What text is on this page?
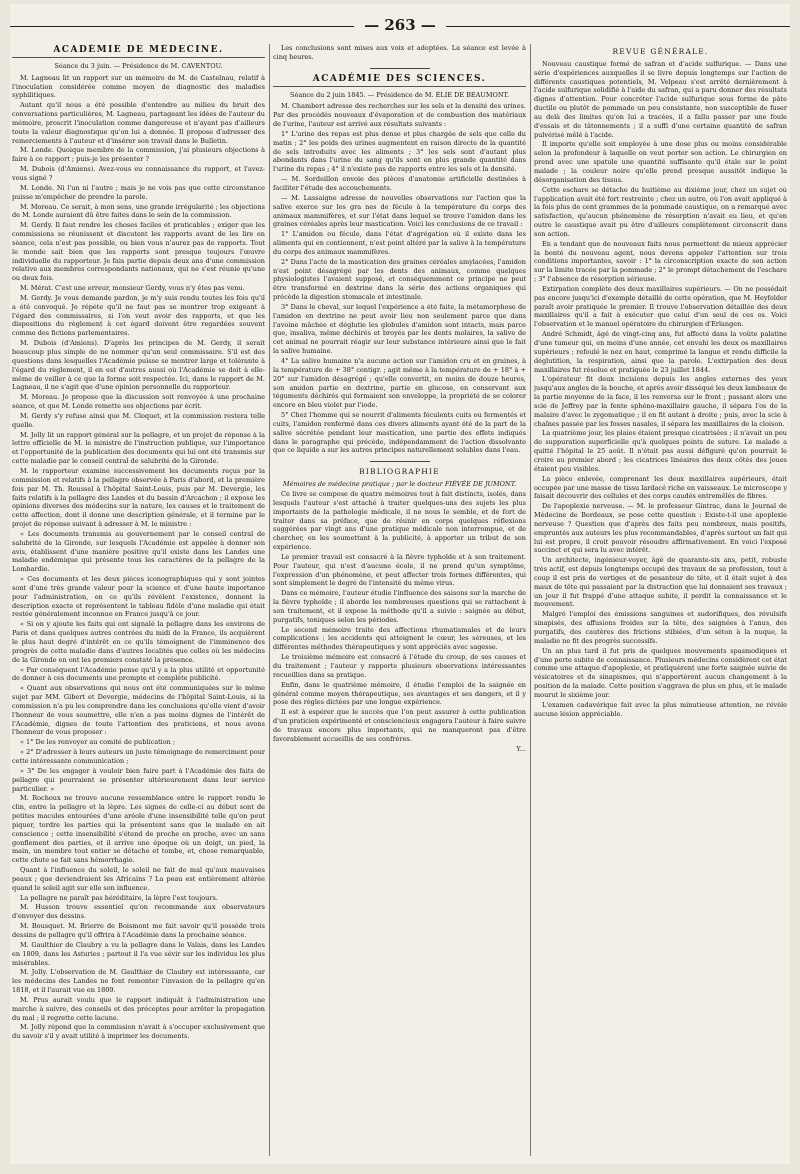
— 263 —
ACADÉMIE DE MÉDECINE.

Séance du 3 juin. — Présidence de M. CAVENTOU.

M. Lagneau lit un rapport sur un mémoire de M. de Castelnau, relatif à l'inoculation considérée comme moyen de diagnostic des maladies syphilitiques.

Autant qu'il nous a été possible d'entendre au milieu du bruit des conversations particulières, M. Lagneau, partageant les idées de l'auteur du mémoire, proscrit l'inoculation comme dangereuse et n'ayant pas d'ailleurs toute la valeur diagnostique qu'on lui a donnée. Il propose d'adresser des remerciements à l'auteur et d'insérer son travail dans le Bulletin.

M. Londe. Quoique membre de la commission, j'ai plusieurs objections à faire à ce rapport ; puis-je les présenter ?

M. Dubois (d'Amiens). Avez-vous eu connaissance du rapport, et l'avez-vous signé ?

M. Londe. Ni l'un ni l'autre ; mais je ne vois pas que cette circonstance puisse m'empêcher de prendre la parole.

M. Moreau. Ce serait, à mon sens, une grande irrégularité ; les objections de M. Londe auraient dû être faites dans le sein de la commission.

M. Gerdy. Il faut rendre les choses faciles et praticables ; exiger que les commissions se réunissent et discutent les rapports avant de les lire en séance, cela n'est pas possible, ou bien vous n'aurez pas de rapports. Tout le monde sait bien que les rapports sont presque toujours l'œuvre individuelle du rapporteur. Je fais partie depuis deux ans d'une commission relative aux membres correspondants nationaux, qui ne s'est réunie qu'une ou deux fois.

M. Mérat. C'est une erreur, monsieur Gerdy, vous n'y êtes pas venu.

M. Gerdy. Je vous demande pardon, je m'y suis rendu toutes les fois qu'il a été convoqué. Je répète qu'il ne faut pas se montrer trop exigeant à l'égard des commissaires, si l'on veut avoir des rapports, et que les dispositions du règlement à cet égard doivent être regardées souvent comme des fictions parlementaires.

M. Dubois (d'Amiens). D'après les principes de M. Gerdy, il serait beaucoup plus simple de ne nommer qu'un seul commissaire. S'il est des questions dans lesquelles l'Académie puisse se montrer large et tolérante à l'égard du règlement, il en est d'autres aussi où l'Académie se doit à elle-même de veiller à ce que la forme soit respectée. Ici, dans le rapport de M. Lagneau, il ne s'agit que d'une opinion personnelle du rapporteur.

M. Moreau. Je propose que la discussion soit renvoyée à une prochaine séance, et que M. Londe remette ses objections par écrit.

M. Gerdy s'y refuse ainsi que M. Cloquet, et la commission restera telle quelle.

M. Jolly lit un rapport général sur la pellagre, et un projet de réponse à la lettre officielle de M. le ministre de l'instruction publique, sur l'importance et l'opportunité de la publication des documents qui lui ont été transmis sur cette maladie par le conseil central de salubrité de la Gironde.

M. le rapporteur examine successivement les documents reçus par la commission et relatifs à la pellagre observée à Paris d'abord, et la première fois par M. Th. Roussel à l'hôpital Saint-Louis, puis par M. Devergie, les faits relatifs à la pellagre des Landes et du bassin d'Arcachon ; il expose les opinions diverses des médecins sur la nature, les causes et le traitement de cette affection, dont il donne une description générale, et il termine par le projet de réponse suivant à adresser à M. le ministre :

« Les documents transmis au gouvernement par le conseil central de salubrité de la Gironde, sur lesquels l'Académie est appelée à donner son avis, établissent d'une manière positive qu'il existe dans les Landes une maladie endémique qui présente tous les caractères de la pellagre de la Lombardie.

« Ces documents et les deux pièces iconographiques qui y sont jointes sont d'une très grande valeur pour la science et d'une haute importance pour l'administration, en ce qu'ils révèlent l'existence, donnent la description exacte et représentent le tableau fidèle d'une maladie qui était restée généralement inconnue en France jusqu'à ce jour.

« Si on y ajoute les faits qui ont signalé la pellagre dans les environs de Paris et dans quelques autres contrées du midi de la France, ils acquièrent le plus haut degré d'intérêt en ce qu'ils témoignent de l'imminence des progrès de cette maladie dans d'autres localités que celles où les médecins de la Gironde en ont les premiers constaté la présence.

« Par conséquent l'Académie pense qu'il y a la plus utilité et opportunité de donner à ces documents une prompte et complète publicité.

« Quant aux observations qui nous ont été communiquées sur le même sujet par MM. Gibert et Devergie, médecins de l'hôpital Saint-Louis, si la commission n'a pu les comprendre dans les conclusions qu'elle vient d'avoir l'honneur de vous soumettre, elle n'en a pas moins dignes de l'intérêt de l'Académie, dignes de toute l'attention des praticiens, et nous avons l'honneur de vous proposer :

« 1° De les renvoyer au comité de publication ;

« 2° D'adresser à leurs auteurs un juste témoignage de remerciment pour cette intéressante communication ;

« 3° De les engager à vouloir bien faire part à l'Académie des faits de pellagre qui pourraient se présenter ultérieurement dans leur service particulier. »

M. Rochoux ne trouve aucune ressemblance entre le rapport rendu le clin, entre la pellagre et la lèpre. Les signes de celle-ci au début sont de petites macules entourées d'une aréole d'une insensibilité telle qu'on peut piquer, tordre les parties qui la présentent sans que le malade en ait conscience ; cette insensibilité s'étend de proche en proche, avec un sans gonflement des parties, et il arrive une époque où un doigt, un pied, la main, un membre tout entier se détache et tombe, et, chose remarquable, cette chute se fait sans hémorrhagie.

Quant à l'influence du soleil, le soleil ne fait de mal qu'aux mauvaises peaux ; que deviendraient les Africains ? La peau est entièrement altérée quand le soleil agit sur elle son influence.

La pellagre ne paraît pas héréditaire, la lèpre l'est toujours.

M. Husson trouve essentiel qu'on recommande aux observateurs d'envoyer des dessins.

M. Bousquet. M. Brierre de Boismont me fait savoir qu'il possède trois dessins de pellagre qu'il offrira à l'Académie dans la prochaine séance.

M. Gaulthier de Claubry a vu la pellagre dans le Valais, dans les Landes en 1809, dans les Asturies ; partout il l'a vue sévir sur les individus les plus misérables.

M. Jolly. L'observation de M. Gaulthier de Claubry est intéressante, car les médecins des Landes ne font remonter l'invasion de la pellagre qu'en 1818, et il l'aurait vue en 1809.

M. Prus aurait voulu que le rapport indiquât à l'administration une marche à suivre, des conseils et des préceptes pour arrêter la propagation du mal ; il regrette cette lacune.

M. Jolly répond que la commission n'avait à s'occuper exclusivement que du savoir s'il y avait utilité à imprimer les documents.

Les conclusions sont mises aux voix et adoptées. La séance est levée à cinq heures.

ACADÉMIE DES SCIENCES.

Séance du 2 juin 1845. — Présidence de M. ÉLIE DE BEAUMONT.

M. Chambert adresse des recherches sur les sels et la densité des urines. Par des procédés nouveaux d'évaporation et de combustion des matériaux de l'urine, l'auteur est arrivé aux résultats suivants :

1° L'urine des repas est plus dense et plus chargée de sels que celle du matin ; 2° les poids des urines augmentent en raison directe de la quantité de sels introduits avec les aliments ; 3° les sels sont d'autant plus abondants dans l'urine du sang qu'ils sont en plus grande quantité dans l'urine du repas ; 4° il n'existe pas de rapports entre les sels et la densité.

— M. Sordeillon envoie des pièces d'anatomie artificielle destinées à faciliter l'étude des accouchements.

— M. Lassaigne adresse de nouvelles observations sur l'action que la salive exerce sur les gra nes de fécule à la température du corps des animaux mammifères, et sur l'état dans lequel se trouve l'amidon dans les graines céréales après leur mastication. Voici les conclusions de ce travail :

1° L'amidon ou fécule, dans l'état d'agrégation où il existe dans les aliments qui en contiennent, n'est point altéré par la salive à la température du corps des animaux mammifères.

2° Dans l'acte de la mastication des graines céréales amylacées, l'amidon n'est point désagrégé par les dents des animaux, comme quelques physiologistes l'avaient supposé, et conséquemment ce principe ne peut être transformé en dextrine dans la série des actions organiques qui précède la digestion stomacale et intestinale.

3° Dans le cheval, sur lequel l'expérience a été faite, la métamorphose de l'amidon en dextrine ne peut avoir lieu non seulement parce que dans l'avoine mâchée et déglutie les globules d'amidon sont intacts, mais parce que, insaliva, même déchirés et broyés par les dents molaires, la salive de cet animal ne pourrait réagir sur leur substance intérieure ainsi que le fait la salive humaine.

4° La salive humaine n'a aucune action sur l'amidon cru et en graines, à la température de + 38° centigr. ; agit même à la température de + 18° à + 20° sur l'amidon désagrégé ; qu'elle convertit, en moins de douze heures, son amidon partie en dextrine, partie en glucose, en conservant aux téguments déchirés qui formaient son enveloppe, la propriété de se colorer encore en bleu violet par l'iode.

5° Chez l'homme qui se nourrit d'aliments féculents cuits ou fermentés et cuits, l'amidon renfermé dans ces divers aliments ayant été de la part de la salive sécrétée pendant leur mastication, une partie des effets indiqués dans le paragraphe qui précède, indépendamment de l'action dissolvante que ce liquide a sur les autres principes naturellement solubles dans l'eau.

BIBLIOGRAPHIE

Mémoires de médecine pratique ; par le docteur FIÉVÉE DE JUMONT.

Ce livre se compose de quatre mémoires tout à fait distincts, isolés, dans lesquels l'auteur s'est attaché à traiter quelques-uns des sujets les plus importants de la pathologie médicale, il ne nous le semble, et de fort de traiter dans sa préface, que de réunir en corps quelques réflexions suggérées par vingt ans d'une pratique médicale non interrompue, et de chercher, en les soumettant à la publicité, à apporter un tribut de son expérience.

Le premier travail est consacré à la fièvre typhoïde et à son traitement. Pour l'auteur, qui n'est d'aucune école, il ne prend qu'un symptôme, l'expression d'un phénomène, et peut affecter trois formes différentes, qui sont simplement le degré de l'intensité du même virus.

Dans ce mémoire, l'auteur étudie l'influence des saisons sur la marche de la fièvre typhoïde ; il aborde les nombreuses questions qui se rattachent à son traitement, et il expose la méthode qu'il a suivie : saignée au début, purgatifs, toniques selon les périodes.

Le second mémoire traite des affections rhumatismales et de leurs complications ; les accidents qui atteignent le cœur, les séreuses, et les différentes méthodes thérapeutiques y sont appréciés avec sagesse.

Le troisième mémoire est consacré à l'étude du croup, de ses causes et du traitement ; l'auteur y rapporte plusieurs observations intéressantes recueillies dans sa pratique.

Enfin, dans le quatrième mémoire, il étudie l'emploi de la saignée en général comme moyen thérapeutique, ses avantages et ses dangers, et il y pose des règles dictées par une longue expérience.

Il est à espérer que le succès que l'on peut assurer à cette publication d'un praticien expérimenté et consciencieux engagera l'auteur à faire suivre de travaux encore plus importants, qui ne manqueront pas d'être favorablement accueillis de ses confrères.

Y...

REVUE GÉNÉRALE.

Nouveau caustique formé de safran et d'acide sulfurique. — Dans une série d'expériences auxquelles il se livre depuis longtemps sur l'action de différents caustiques potentiels, M. Velpeau s'est arrêté dernièrement à l'acide sulfurique solidifié à l'aide du safran, qui a paru donner des résultats dignes d'attention. Pour concréter l'acide sulfurique sous forme de pâte ductile ou plutôt de pommade un peu consistante, non susceptible de fuser au delà des limites qu'on lui a tracées, il a fallu passer par une foule d'essais et de tâtonnements ; il a suffi d'une certaine quantité de safran pulvérisé mêlé à l'acide.

Il importe qu'elle soit employée à une dose plus ou moins considérable selon la profondeur à laquelle on veut porter son action. Le chirurgien en prend avec une spatule une quantité suffisante qu'il étale sur le point malade ; la couleur noire qu'elle prend presque aussitôt indique la désorganisation des tissus.

Cette eschare se détache du huitième au dixième jour, chez un sujet où l'application avait été fort restreinte ; chez un autre, où l'on avait appliqué à la fois plus de cent grammes de la pommade caustique, on a remarqué avec satisfaction, qu'aucun phénomène de résorption n'avait eu lieu, et qu'en outre le caustique avait pu être d'ailleurs complètement circonscrit dans son action.

En a tendant que de nouveaux faits nous permettent de mieux apprécier la bonté du nouveau agent, nous devons appeler l'attention sur trois conditions importantes, savoir : 1° la circonscription exacte de son action sur la limite tracée par la pommade ; 2° le prompt détachement de l'eschare ; 3° l'absence de résorption sérieuse.

Extirpation complète des deux maxillaires supérieurs. — On ne possédait pas encore jusqu'ici d'exemple détaillé de cette opération, que M. Heyfelder paraît avoir pratiquée le premier. Il trouve l'observation détaillée des deux maxillaires qu'il a fait à exécuter que celui d'un seul de ces os. Voici l'observation et le manuel opératoire du chirurgien d'Erlangen.

André Schmidt, âgé de vingt-cinq ans, fut affecté dans la voûte palatine d'une tumeur qui, en moins d'une année, cet envahi les deux os maxillaires supérieurs ; refoulé le nez en haut, comprimé la langue et rendu difficile la déglutition, la respiration, ainsi que la parole. L'extirpation des deux maxillaires fut résolue et pratiquée le 23 juillet 1844.

L'opérateur fit deux incisions depuis les angles externes des yeux jusqu'aux angles de la bouche, et après avoir disséqué les deux lambeaux de la partie moyenne de la face, il les renversa sur le front ; passant alors une scie de Jeffrey par la fente sphéno-maxillaire gauche, il sépara l'os de la malaire d'avec le zygomatique ; il en fit autant à droite ; puis, avec la scie à chaînes passée par les fosses nasales, il sépara les maxillaires de la cloison.

La quatrième jour, les plaies étaient presque cicatrisées ; il n'avait un peu de suppuration superficielle qu'à quelques points de suture. Le malade a quitté l'hôpital le 25 août. Il n'était pas aussi défiguré qu'on pourrait le croire au premier abord ; les cicatrices linéaires des deux côtés des joues étaient peu visibles.

La pièce enlevée, comprenant les deux maxillaires supérieurs, était occupée par une masse de tissu lardacé riche en vaisseaux. Le microscope y faisait découvrir des cellules et des corps caudés entremêlés de fibres.

De l'apoplexie nerveuse. — M. le professeur Gintrac, dans le Journal de Médecine de Bordeaux, se pose cette question : Existe-t-il une apoplexie nerveuse ? Question que d'après des faits peu nombreux, mais positifs, empruntés aux auteurs les plus recommandables, d'après surtout un fait qui lui est propre, il croit pouvoir résoudre affirmativement. En voici l'exposé succinct et qui sera lu avec intérêt.

Un architecte, ingénieur-voyer, âgé de quarante-six ans, petit, robuste très actif, est depuis longtemps occupé des travaux de sa profession, tout à coup il est pris de vertiges et de pesanteur de tête, et il était sujet à des maux de tête qui passaient par la distraction que lui donnaient ses travaux ; un jour il fut frappé d'une attaque subite, il perdit la connaissance et le mouvement.

Malgré l'emploi des émissions sanguines et sudorifiques, des révulsifs sinapisés, des affusions froides sur la tête, des saignées à l'anus, des purgatifs, des cautères des frictions stibiées, d'un séton à la nuque, la maladie ne fit des progrès successifs.

Un an plus tard il fut pris de quelques mouvements spasmodiques et d'une perte subite de connaissance. Plusieurs médecins considèrent cet état comme une attaque d'apoplexie, et pratiquèrent une forte saignée suivie de vésicatoires et de sinapismes, qui n'apportèrent aucun changement à la position de la malade. Cette position s'aggrava de plus en plus, et le malade mourut le sixième jour.

L'examen cadavérique fait avec la plus minutieuse attention, ne révèle aucune lésion appréciable.
